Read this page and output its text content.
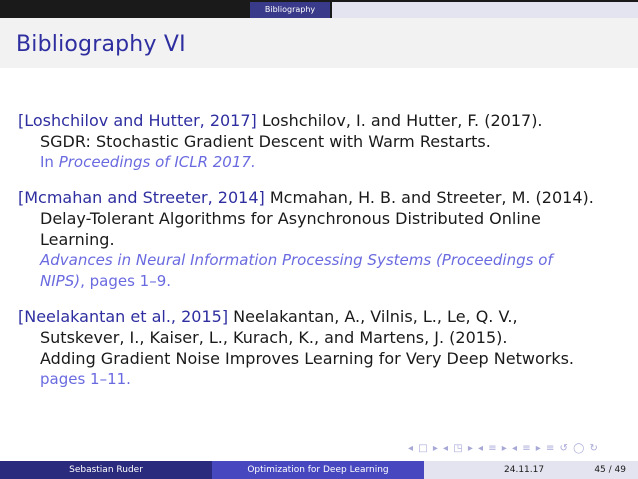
Bibliography
Bibliography VI
[Loshchilov and Hutter, 2017] Loshchilov, I. and Hutter, F. (2017).
SGDR: Stochastic Gradient Descent with Warm Restarts.
In Proceedings of ICLR 2017.
[Mcmahan and Streeter, 2014] Mcmahan, H. B. and Streeter, M. (2014).
Delay-Tolerant Algorithms for Asynchronous Distributed Online
Learning.
Advances in Neural Information Processing Systems (Proceedings of
NIPS), pages 1–9.
[Neelakantan et al., 2015] Neelakantan, A., Vilnis, L., Le, Q. V.,
Sutskever, I., Kaiser, L., Kurach, K., and Martens, J. (2015).
Adding Gradient Noise Improves Learning for Very Deep Networks.
pages 1–11.
◂ □ ▸ ◂ ◳ ▸ ◂ ≡ ▸ ◂ ≡ ▸ ≡ ↺ ◯ ↻
Sebastian Ruder	Optimization for Deep Learning	24.11.17	45 / 49
